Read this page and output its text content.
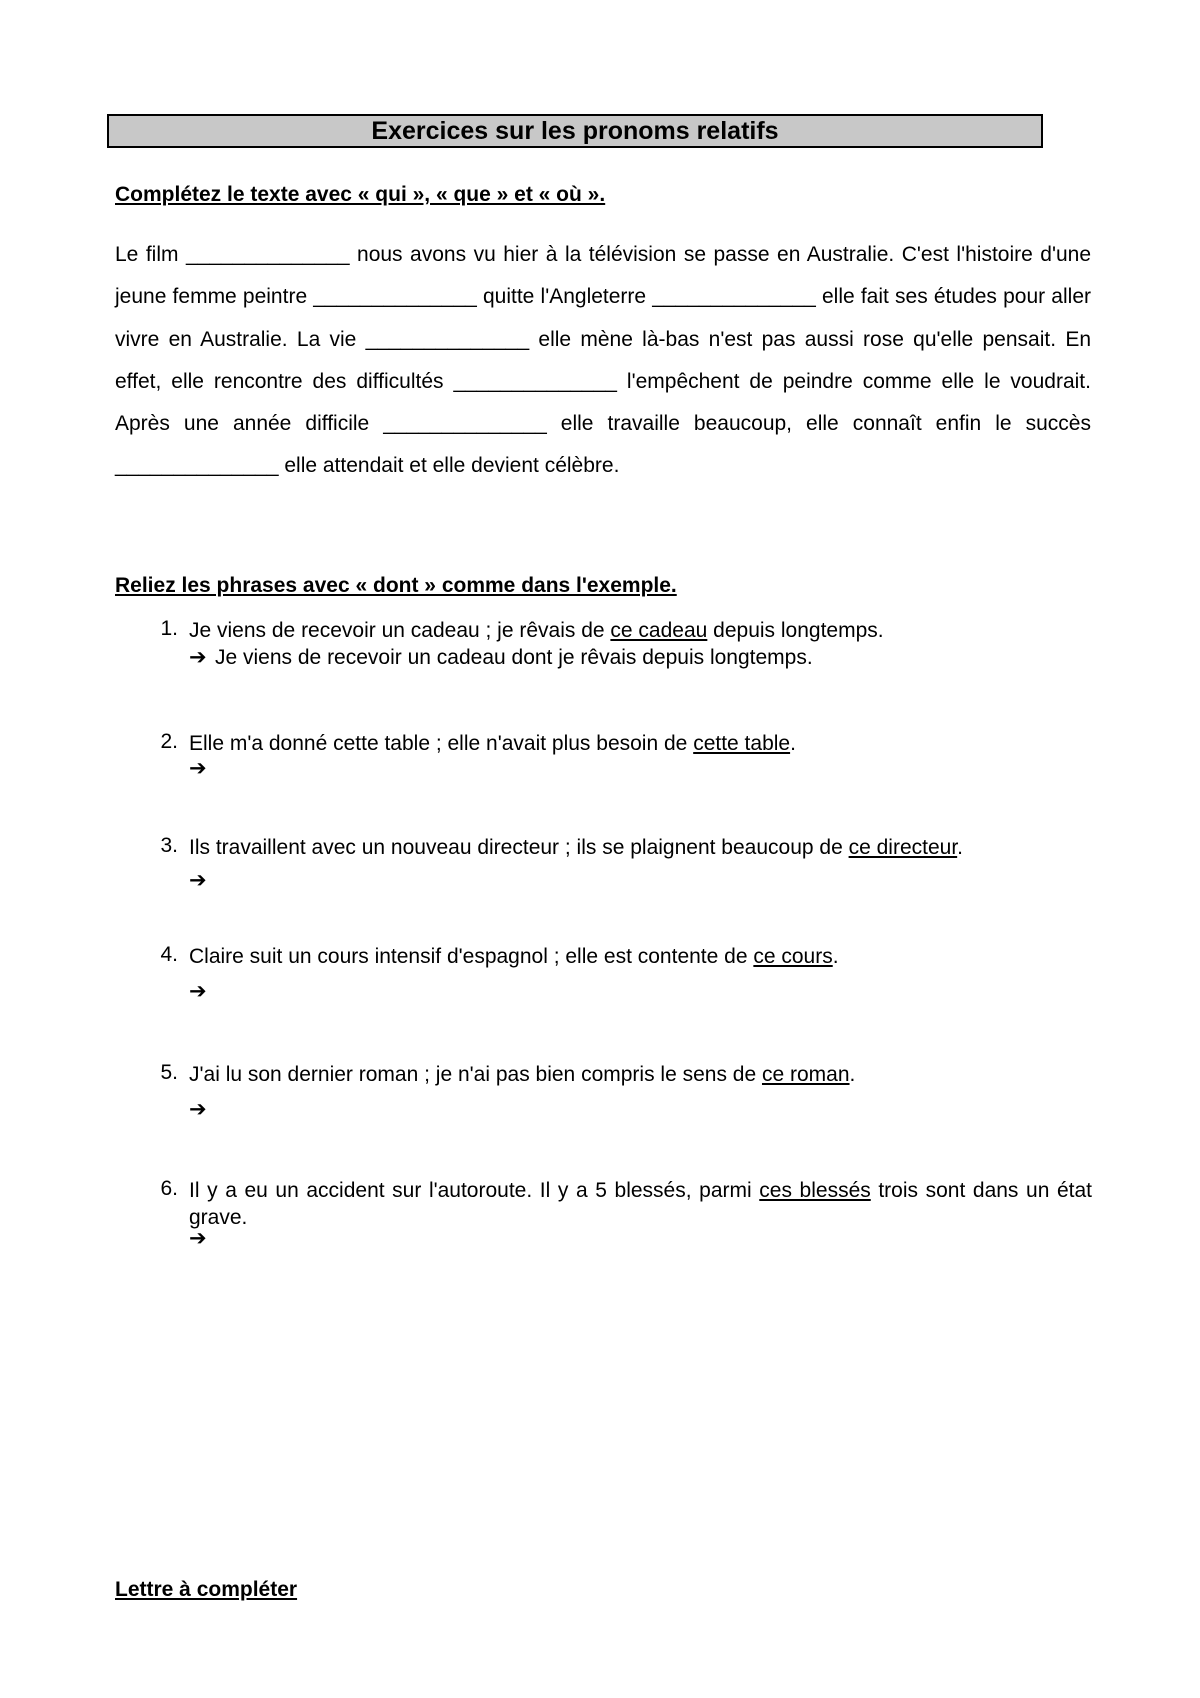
Exercices sur les pronoms relatifs
Complétez le texte avec « qui », « que » et « où ».

Le film ______________ nous avons vu hier à la télévision se passe en Australie. C'est l'histoire d'une jeune femme peintre ______________ quitte l'Angleterre ______________ elle fait ses études pour aller vivre en Australie. La vie ______________ elle mène là-bas n'est pas aussi rose qu'elle pensait. En effet, elle rencontre des difficultés ______________ l'empêchent de peindre comme elle le voudrait. Après une année difficile ______________ elle travaille beaucoup, elle connaît enfin le succès ______________ elle attendait et elle devient célèbre.

Reliez les phrases avec « dont » comme dans l'exemple.
1. Je viens de recevoir un cadeau ; je rêvais de ce cadeau depuis longtemps.
➔ Je viens de recevoir un cadeau dont je rêvais depuis longtemps.
2. Elle m'a donné cette table ; elle n'avait plus besoin de cette table.
➔
3. Ils travaillent avec un nouveau directeur ; ils se plaignent beaucoup de ce directeur.
➔
4. Claire suit un cours intensif d'espagnol ; elle est contente de ce cours.
➔
5. J'ai lu son dernier roman ; je n'ai pas bien compris le sens de ce roman.
➔
6. Il y a eu un accident sur l'autoroute. Il y a 5 blessés, parmi ces blessés trois sont dans un état grave.
➔
Lettre à compléter
